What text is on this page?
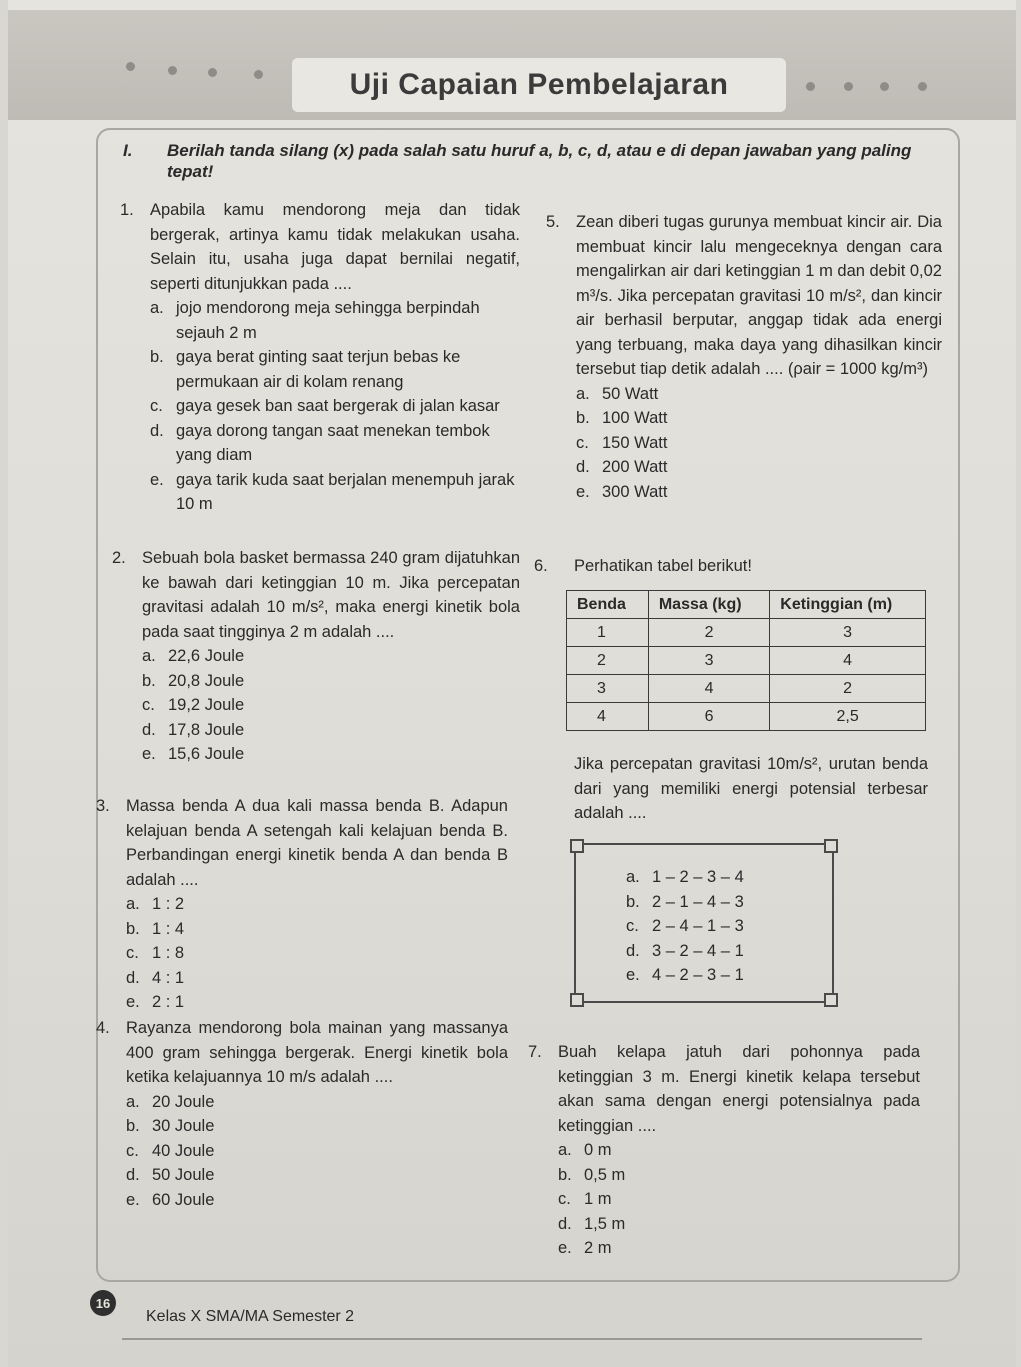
Uji Capaian Pembelajaran
I. Berilah tanda silang (x) pada salah satu huruf a, b, c, d, atau e di depan jawaban yang paling tepat!
1. Apabila kamu mendorong meja dan tidak bergerak, artinya kamu tidak melakukan usaha. Selain itu, usaha juga dapat bernilai negatif, seperti ditunjukkan pada ....
a. jojo mendorong meja sehingga berpindah sejauh 2 m
b. gaya berat ginting saat terjun bebas ke permukaan air di kolam renang
c. gaya gesek ban saat bergerak di jalan kasar
d. gaya dorong tangan saat menekan tembok yang diam
e. gaya tarik kuda saat berjalan menempuh jarak 10 m
2. Sebuah bola basket bermassa 240 gram dijatuhkan ke bawah dari ketinggian 10 m. Jika percepatan gravitasi adalah 10 m/s², maka energi kinetik bola pada saat tingginya 2 m adalah ....
a. 22,6 Joule
b. 20,8 Joule
c. 19,2 Joule
d. 17,8 Joule
e. 15,6 Joule
3. Massa benda A dua kali massa benda B. Adapun kelajuan benda A setengah kali kelajuan benda B. Perbandingan energi kinetik benda A dan benda B adalah ....
a. 1 : 2
b. 1 : 4
c. 1 : 8
d. 4 : 1
e. 2 : 1
4. Rayanza mendorong bola mainan yang massanya 400 gram sehingga bergerak. Energi kinetik bola ketika kelajuannya 10 m/s adalah ....
a. 20 Joule
b. 30 Joule
c. 40 Joule
d. 50 Joule
e. 60 Joule
5. Zean diberi tugas gurunya membuat kincir air. Dia membuat kincir lalu mengeceknya dengan cara mengalirkan air dari ketinggian 1 m dan debit 0,02 m³/s. Jika percepatan gravitasi 10 m/s², dan kincir air berhasil berputar, anggap tidak ada energi yang terbuang, maka daya yang dihasilkan kincir tersebut tiap detik adalah .... (ρair = 1000 kg/m³)
a. 50 Watt
b. 100 Watt
c. 150 Watt
d. 200 Watt
e. 300 Watt
6. Perhatikan tabel berikut!
Benda	Massa (kg)	Ketinggian (m)
1	2	3
2	3	4
3	4	2
4	6	2,5
Jika percepatan gravitasi 10m/s², urutan benda dari yang memiliki energi potensial terbesar adalah ....
a. 1 – 2 – 3 – 4
b. 2 – 1 – 4 – 3
c. 2 – 4 – 1 – 3
d. 3 – 2 – 4 – 1
e. 4 – 2 – 3 – 1
7. Buah kelapa jatuh dari pohonnya pada ketinggian 3 m. Energi kinetik kelapa tersebut akan sama dengan energi potensialnya pada ketinggian ....
a. 0 m
b. 0,5 m
c. 1 m
d. 1,5 m
e. 2 m
16
Kelas X SMA/MA Semester 2
